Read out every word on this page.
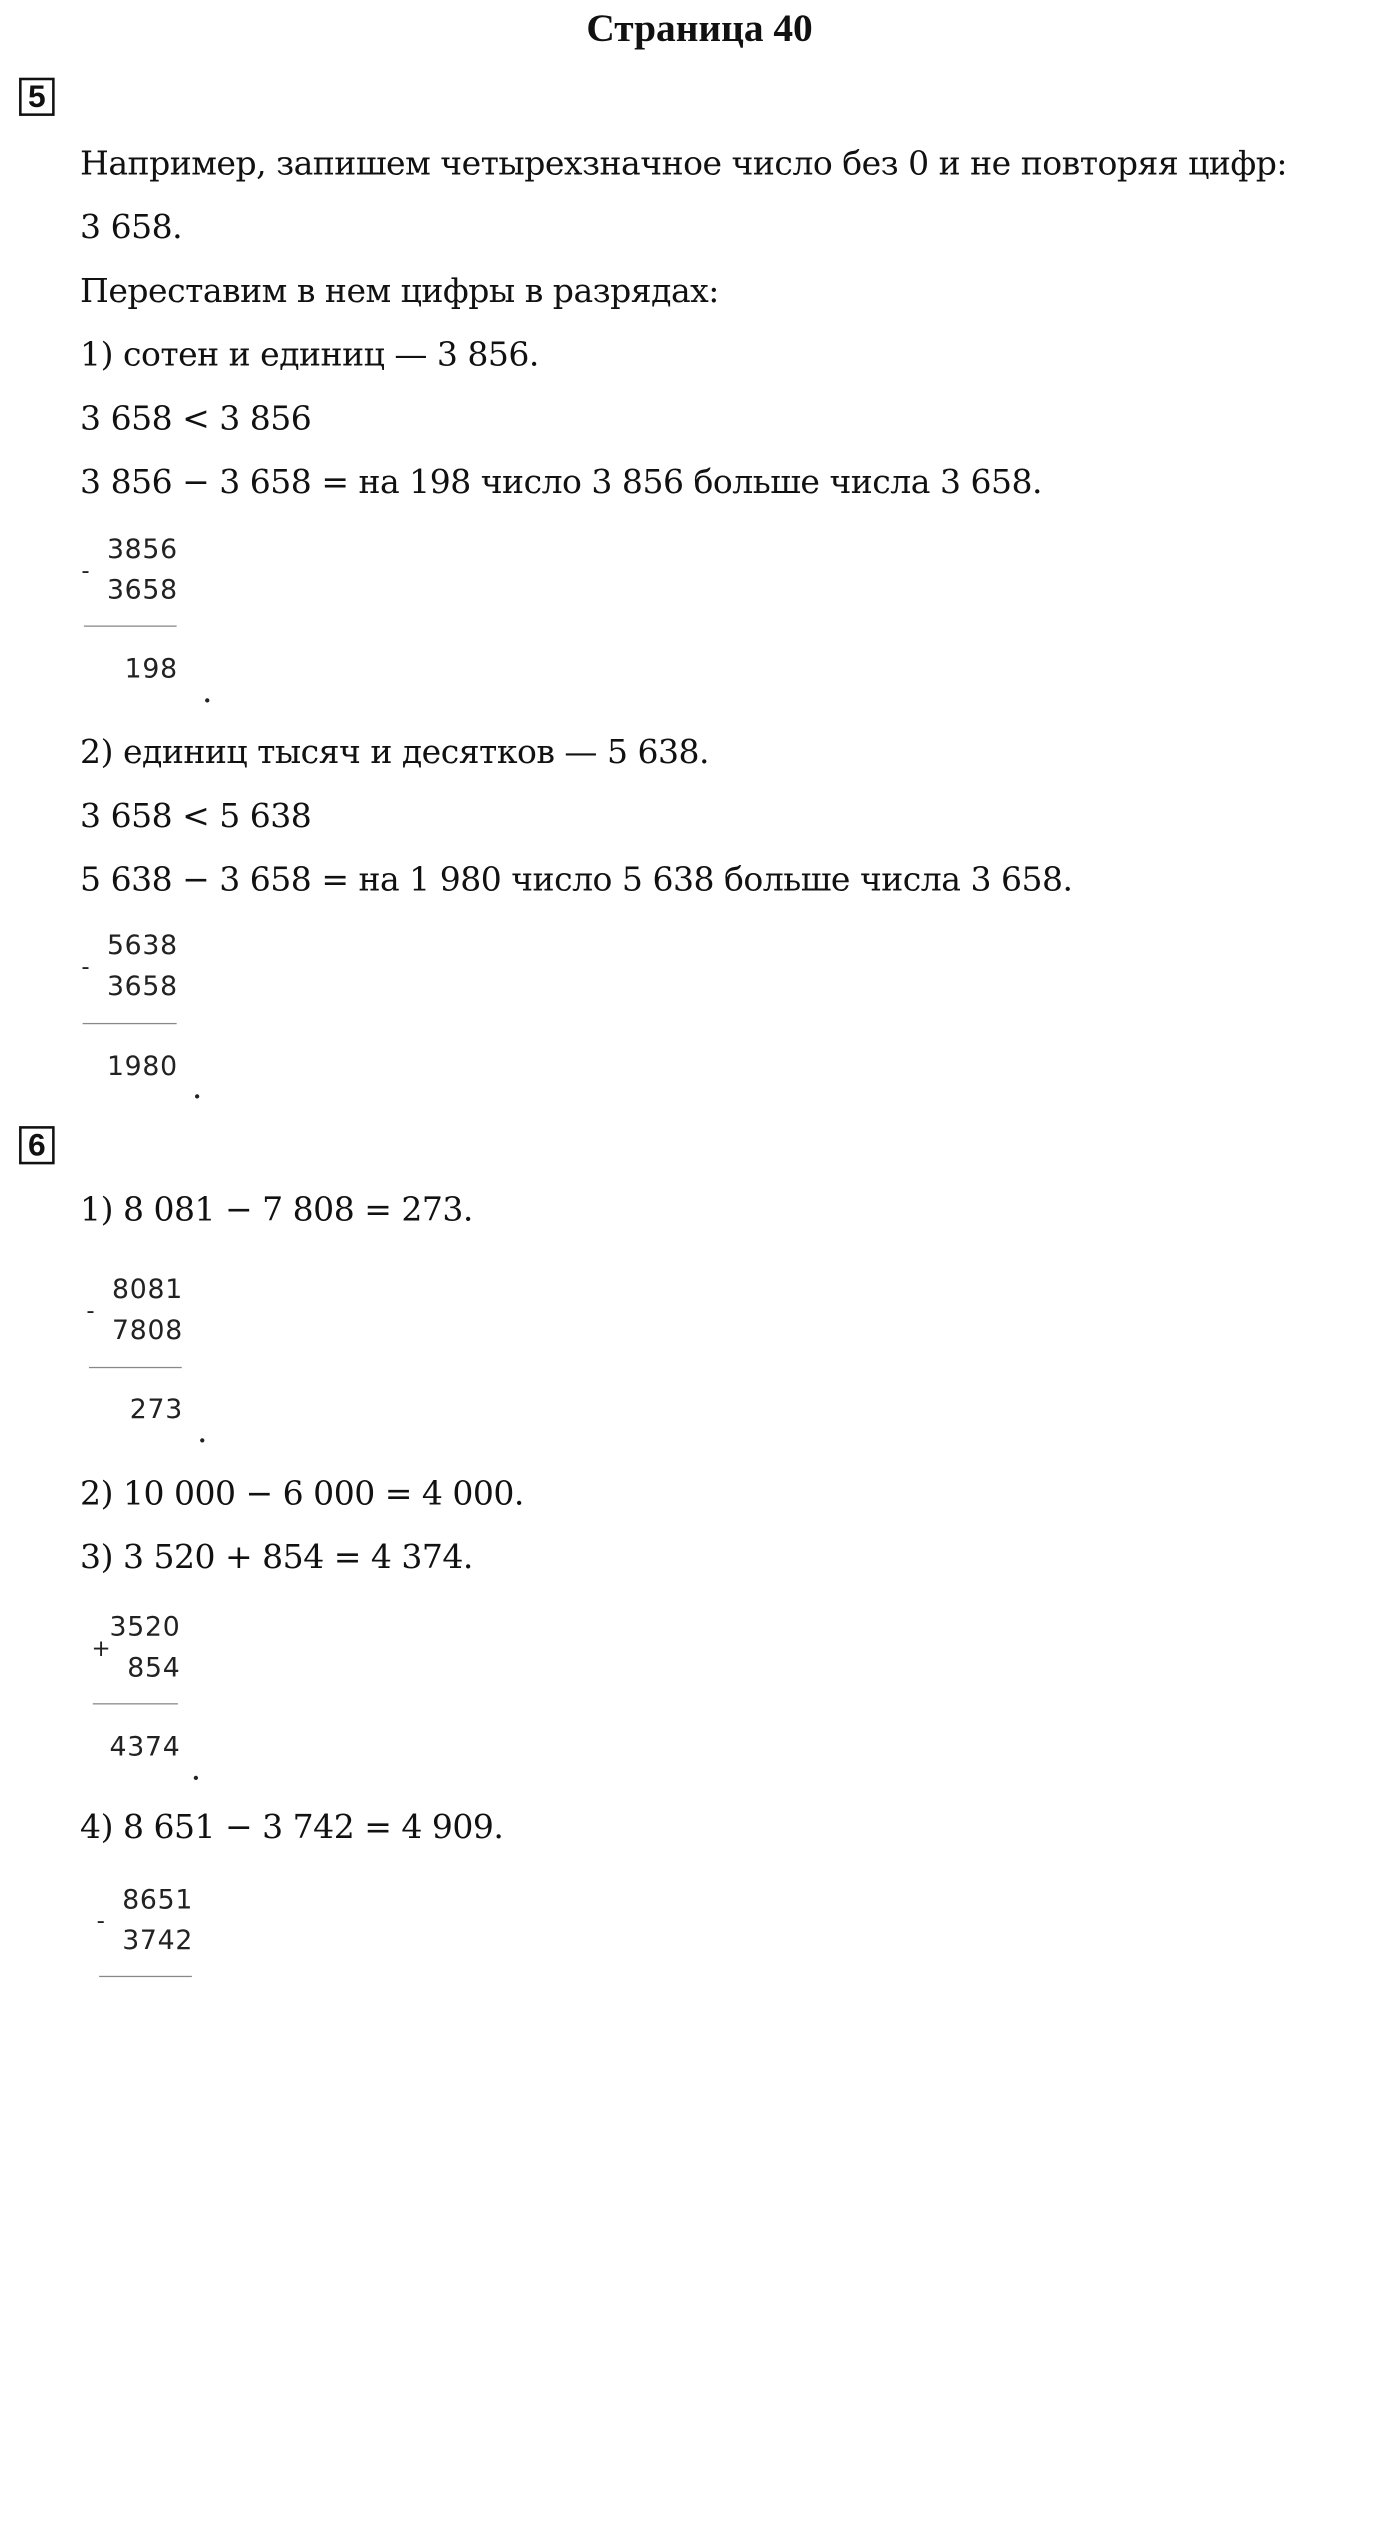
Страница 40
5
Например, запишем четырехзначное число без 0 и не повторяя цифр:
3 658.
Переставим в нем цифры в разрядах:
1) сотен и единиц — 3 856.
3 658 < 3 856
3 856 − 3 658 = на 198 число 3 856 больше числа 3 658.
-
3856
3658
198
.
2) единиц тысяч и десятков — 5 638.
3 658 < 5 638
5 638 − 3 658 = на 1 980 число 5 638 больше числа 3 658.
-
5638
3658
1980
.
6
1) 8 081 − 7 808 = 273.
-
8081
7808
273
.
2) 10 000 − 6 000 = 4 000.
3) 3 520 + 854 = 4 374.
+
3520
854
4374
.
4) 8 651 − 3 742 = 4 909.
-
8651
3742
